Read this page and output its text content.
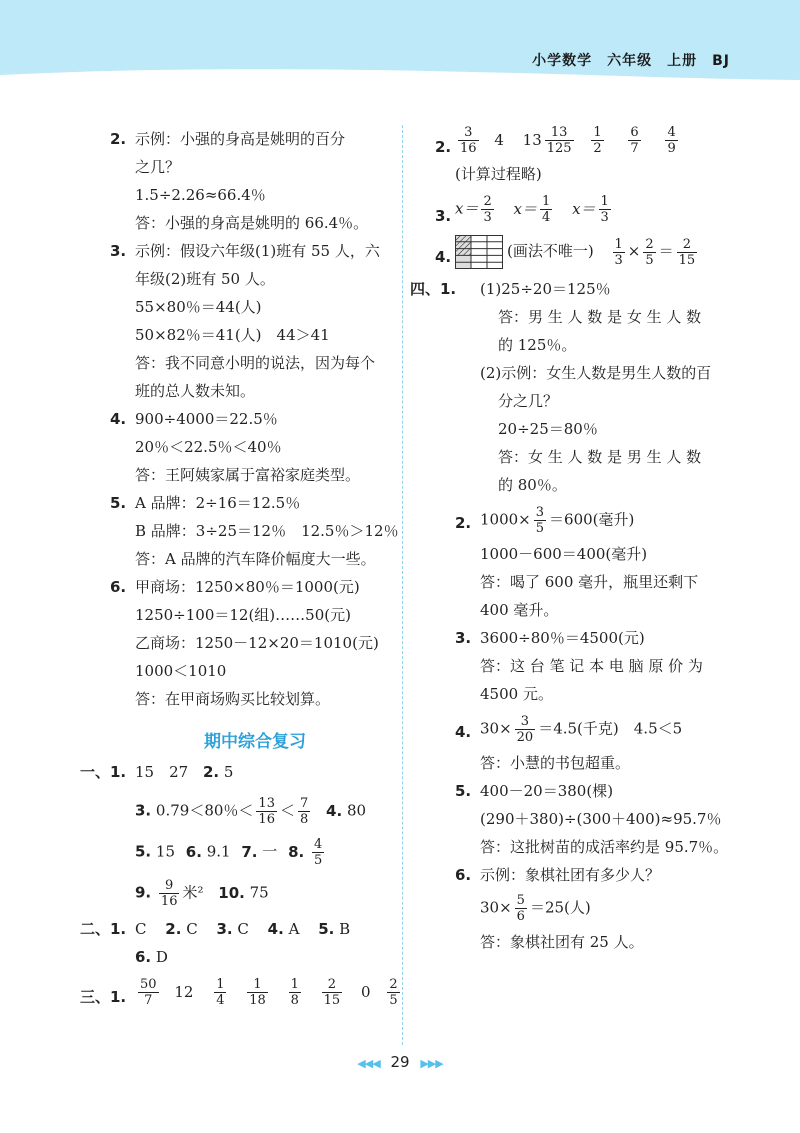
小学数学　六年级　上册　BJ
2. 示例：小强的身高是姚明的百分
之几？
1.5÷2.26≈66.4％
答：小强的身高是姚明的 66.4％。
3. 示例：假设六年级(1)班有 55 人，六
年级(2)班有 50 人。
55×80％＝44(人)
50×82％＝41(人)　44＞41
答：我不同意小明的说法，因为每个
班的总人数未知。
4. 900÷4000＝22.5％
20％＜22.5％＜40％
答：王阿姨家属于富裕家庭类型。
5. A 品牌：2÷16＝12.5％
B 品牌：3÷25＝12％　12.5％＞12％
答：A 品牌的汽车降价幅度大一些。
6. 甲商场：1250×80％＝1000(元)
1250÷100＝12(组)……50(元)
乙商场：1250－12×20＝1010(元)
1000＜1010
答：在甲商场购买比较划算。
期中综合复习
一、1. 15　27 2. 5
3. 0.79＜80％＜ $\frac{13}{16} < \frac{7}{8} 4$. 80
5. 15 6. 9.1 7. 一 8. $\frac{4}{5}$
9. $\frac{9}{16}$ 米² 10. 75
二、1. C 2. C 3. C 4. A 5. B
6. D
三、1. $\frac{50}{7} 12 \frac{1}{4}$
$\frac{1}{18}$
$\frac{1}{8}$
$\frac{2}{15} 0 \frac{2}{5}$
2. $\frac{3}{16} 4$ $13 \frac{13}{125}$
$\frac{1}{2}$
$\frac{6}{7}$
$\frac{4}{9}$
(计算过程略)
3. $x= \frac{2}{3} x= \frac{1}{4} x= \frac{1}{3}$
4.	(画法不唯一) $\frac{1}{3} \times \frac{2}{5} = \frac{2}{15}$
四、1. (1)25÷20＝125％
答：男 生 人 数 是 女 生 人 数
的 125％。
(2)示例：女生人数是男生人数的百
分之几？
20÷25＝80％
答：女 生 人 数 是 男 生 人 数
的 80％。
2. $1000\times \frac{3}{5} =600$(毫升)
1000－600＝400(毫升)
答：喝了 600 毫升，瓶里还剩下
400 毫升。
3. 3600÷80％＝4500(元)
答：这 台 笔 记 本 电 脑 原 价 为
4500 元。
4. $30\times \frac{3}{20} =4.5$(千克)　4.5＜5
答：小慧的书包超重。
5. 400－20＝380(棵)
(290＋380)÷(300＋400)≈95.7％
答：这批树苗的成活率约是 95.7％。
6. 示例：象棋社团有多少人？
$30\times \frac{5}{6} =25$(人)
答：象棋社团有 25 人。
◀◀◀ 29 ▶▶▶
